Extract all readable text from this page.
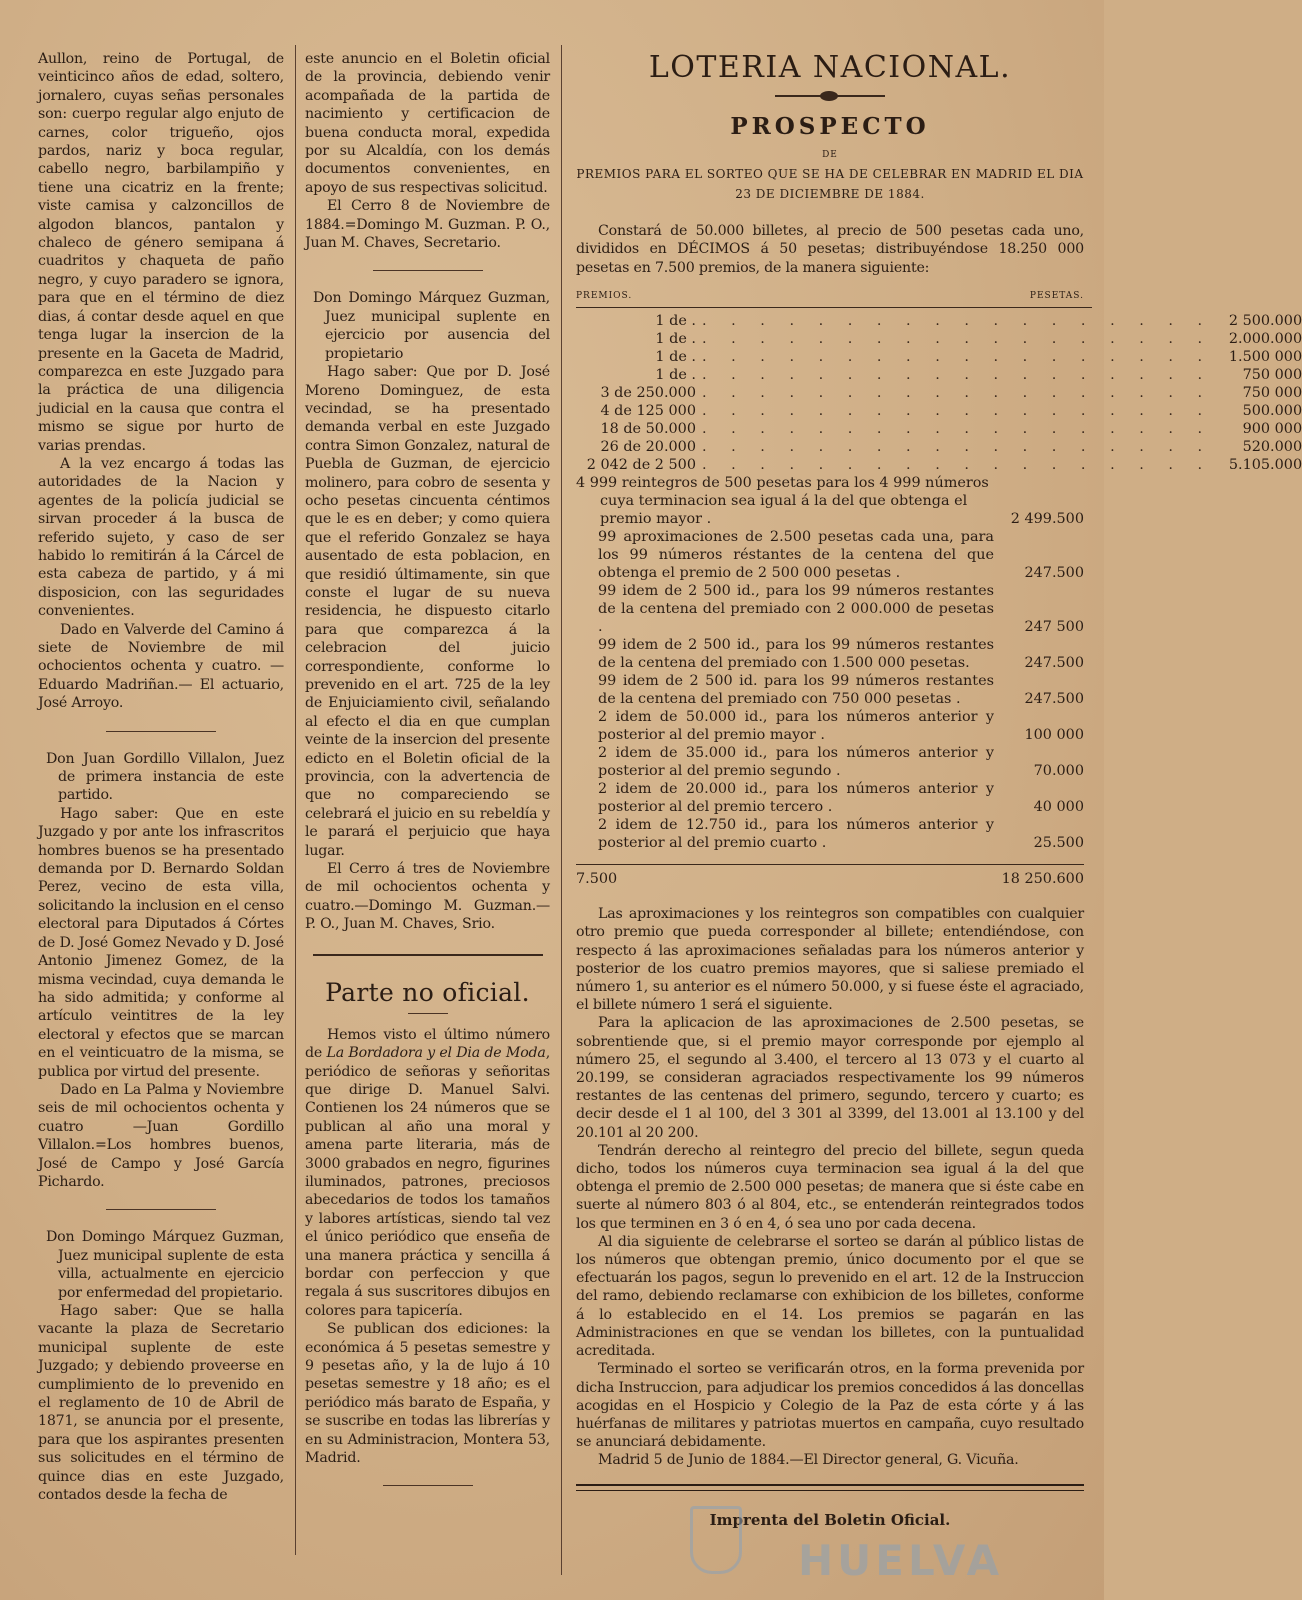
Aullon, reino de Portugal, de veinticinco años de edad, soltero, jornalero, cuyas señas personales son: cuerpo regular algo enjuto de carnes, color trigueño, ojos pardos, nariz y boca regular, cabello negro, barbilampiño y tiene una cicatriz en la frente; viste camisa y calzoncillos de algodon blancos, pantalon y chaleco de género semipana á cuadritos y chaqueta de paño negro, y cuyo paradero se ignora, para que en el término de diez dias, á contar desde aquel en que tenga lugar la insercion de la presente en la Gaceta de Madrid, comparezca en este Juzgado para la práctica de una diligencia judicial en la causa que contra el mismo se sigue por hurto de varias prendas.

A la vez encargo á todas las autoridades de la Nacion y agentes de la policía judicial se sirvan proceder á la busca de referido sujeto, y caso de ser habido lo remitirán á la Cárcel de esta cabeza de partido, y á mi disposicion, con las seguridades convenientes.

Dado en Valverde del Camino á siete de Noviembre de mil ochocientos ochenta y cuatro. —Eduardo Madriñan.— El actuario, José Arroyo.

Don Juan Gordillo Villalon, Juez de primera instancia de este partido.

Hago saber: Que en este Juzgado y por ante los infrascritos hombres buenos se ha presentado demanda por D. Bernardo Soldan Perez, vecino de esta villa, solicitando la inclusion en el censo electoral para Diputados á Córtes de D. José Gomez Nevado y D. José Antonio Jimenez Gomez, de la misma vecindad, cuya demanda le ha sido admitida; y conforme al artículo veintitres de la ley electoral y efectos que se marcan en el veinticuatro de la misma, se publica por virtud del presente.

Dado en La Palma y Noviembre seis de mil ochocientos ochenta y cuatro —Juan Gordillo Villalon.=Los hombres buenos, José de Campo y José García Pichardo.

Don Domingo Márquez Guzman, Juez municipal suplente de esta villa, actualmente en ejercicio por enfermedad del propietario.

Hago saber: Que se halla vacante la plaza de Secretario municipal suplente de este Juzgado; y debiendo proveerse en cumplimiento de lo prevenido en el reglamento de 10 de Abril de 1871, se anuncia por el presente, para que los aspirantes presenten sus solicitudes en el término de quince dias en este Juzgado, contados desde la fecha de

este anuncio en el Boletin oficial de la provincia, debiendo venir acompañada de la partida de nacimiento y certificacion de buena conducta moral, expedida por su Alcaldía, con los demás documentos convenientes, en apoyo de sus respectivas solicitud.

El Cerro 8 de Noviembre de 1884.=Domingo M. Guzman. P. O., Juan M. Chaves, Secretario.

Don Domingo Márquez Guzman, Juez municipal suplente en ejercicio por ausencia del propietario

Hago saber: Que por D. José Moreno Dominguez, de esta vecindad, se ha presentado demanda verbal en este Juzgado contra Simon Gonzalez, natural de Puebla de Guzman, de ejercicio molinero, para cobro de sesenta y ocho pesetas cincuenta céntimos que le es en deber; y como quiera que el referido Gonzalez se haya ausentado de esta poblacion, en que residió últimamente, sin que conste el lugar de su nueva residencia, he dispuesto citarlo para que comparezca á la celebracion del juicio correspondiente, conforme lo prevenido en el art. 725 de la ley de Enjuiciamiento civil, señalando al efecto el dia en que cumplan veinte de la insercion del presente edicto en el Boletin oficial de la provincia, con la advertencia de que no compareciendo se celebrará el juicio en su rebeldía y le parará el perjuicio que haya lugar.

El Cerro á tres de Noviembre de mil ochocientos ochenta y cuatro.—Domingo M. Guzman.— P. O., Juan M. Chaves, Srio.

Parte no oficial.

Hemos visto el último número de La Bordadora y el Dia de Moda, periódico de señoras y señoritas que dirige D. Manuel Salvi. Contienen los 24 números que se publican al año una moral y amena parte literaria, más de 3000 grabados en negro, figurines iluminados, patrones, preciosos abecedarios de todos los tamaños y labores artísticas, siendo tal vez el único periódico que enseña de una manera práctica y sencilla á bordar con perfeccion y que regala á sus suscritores dibujos en colores para tapicería.

Se publican dos ediciones: la económica á 5 pesetas semestre y 9 pesetas año, y la de lujo á 10 pesetas semestre y 18 año; es el periódico más barato de España, y se suscribe en todas las librerías y en su Administracion, Montera 53, Madrid.

LOTERIA NACIONAL.
PROSPECTO
DE
PREMIOS PARA EL SORTEO QUE SE HA DE CELEBRAR EN MADRID EL DIA
23 DE DICIEMBRE DE 1884.

Constará de 50.000 billetes, al precio de 500 pesetas cada uno, divididos en DÉCIMOS á 50 pesetas; distribuyéndose 18.250 000 pesetas en 7.500 premios, de la manera siguiente:

PREMIOS.	PESETAS.
1 de . . . . . . . . . . . . . . . . . . .	2 500.000
1 de . . . . . . . . . . . . . . . . . . .	2.000.000
1 de . . . . . . . . . . . . . . . . . . .	1.500 000
1 de . . . . . . . . . . . . . . . . . . .	750 000
3 de 250.000 . . . . . . . . . . . . . . . . . .	750 000
4 de 125 000 . . . . . . . . . . . . . . . . . .	500.000
18 de 50.000 . . . . . . . . . . . . . . . . . .	900 000
26 de 20.000 . . . . . . . . . . . . . . . . . .	520.000
2 042 de 2 500 . . . . . . . . . . . . . . . . . .	5.105.000
4 999 reintegros de 500 pesetas para los 4 999 números cuya terminacion sea igual á la del que obtenga el premio mayor .	2 499.500
99 aproximaciones de 2.500 pesetas cada una, para los 99 números réstantes de la centena del que obtenga el premio de 2 500 000 pesetas .	247.500
99 idem de 2 500 id., para los 99 números restantes de la centena del premiado con 2 000.000 de pesetas .	247 500
99 idem de 2 500 id., para los 99 números restantes de la centena del premiado con 1.500 000 pesetas.	247.500
99 idem de 2 500 id. para los 99 números restantes de la centena del premiado con 750 000 pesetas .	247.500
2 idem de 50.000 id., para los números anterior y posterior al del premio mayor .	100 000
2 idem de 35.000 id., para los números anterior y posterior al del premio segundo .	70.000
2 idem de 20.000 id., para los números anterior y posterior al del premio tercero .	40 000
2 idem de 12.750 id., para los números anterior y posterior al del premio cuarto .	25.500
7.500	18 250.600

Las aproximaciones y los reintegros son compatibles con cualquier otro premio que pueda corresponder al billete; entendiéndose, con respecto á las aproximaciones señaladas para los números anterior y posterior de los cuatro premios mayores, que si saliese premiado el número 1, su anterior es el número 50.000, y si fuese éste el agraciado, el billete número 1 será el siguiente.

Para la aplicacion de las aproximaciones de 2.500 pesetas, se sobrentiende que, si el premio mayor corresponde por ejemplo al número 25, el segundo al 3.400, el tercero al 13 073 y el cuarto al 20.199, se consideran agraciados respectivamente los 99 números restantes de las centenas del primero, segundo, tercero y cuarto; es decir desde el 1 al 100, del 3 301 al 3399, del 13.001 al 13.100 y del 20.101 al 20 200.

Tendrán derecho al reintegro del precio del billete, segun queda dicho, todos los números cuya terminacion sea igual á la del que obtenga el premio de 2.500 000 pesetas; de manera que si éste cabe en suerte al número 803 ó al 804, etc., se entenderán reintegrados todos los que terminen en 3 ó en 4, ó sea uno por cada decena.

Al dia siguiente de celebrarse el sorteo se darán al público listas de los números que obtengan premio, único documento por el que se efectuarán los pagos, segun lo prevenido en el art. 12 de la Instruccion del ramo, debiendo reclamarse con exhibicion de los billetes, conforme á lo establecido en el 14. Los premios se pagarán en las Administraciones en que se vendan los billetes, con la puntualidad acreditada.

Terminado el sorteo se verificarán otros, en la forma prevenida por dicha Instruccion, para adjudicar los premios concedidos á las doncellas acogidas en el Hospicio y Colegio de la Paz de esta córte y á las huérfanas de militares y patriotas muertos en campaña, cuyo resultado se anunciará debidamente.

Madrid 5 de Junio de 1884.—El Director general, G. Vicuña.

Imprenta del Boletin Oficial.
HUELVA
